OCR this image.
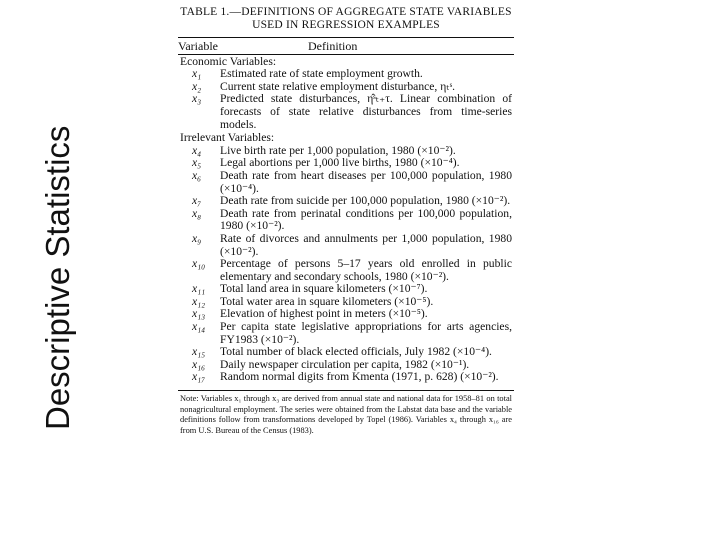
Descriptive Statistics
TABLE 1.—DEFINITIONS OF AGGREGATE STATE VARIABLES
USED IN REGRESSION EXAMPLES
Variable	Definition
Economic Variables:
x₁	Estimated rate of state employment growth.
x₂	Current state relative employment disturbance, ηₜˢ.
x₃	Predicted state disturbances, η̂ˢₜ₊τ. Linear combination of forecasts of state relative disturbances from time-series models.
Irrelevant Variables:
x₄	Live birth rate per 1,000 population, 1980 (×10⁻²).
x₅	Legal abortions per 1,000 live births, 1980 (×10⁻⁴).
x₆	Death rate from heart diseases per 100,000 population, 1980 (×10⁻⁴).
x₇	Death rate from suicide per 100,000 population, 1980 (×10⁻²).
x₈	Death rate from perinatal conditions per 100,000 population, 1980 (×10⁻²).
x₉	Rate of divorces and annulments per 1,000 population, 1980 (×10⁻²).
x₁₀	Percentage of persons 5–17 years old enrolled in public elementary and secondary schools, 1980 (×10⁻²).
x₁₁	Total land area in square kilometers (×10⁻⁷).
x₁₂	Total water area in square kilometers (×10⁻⁵).
x₁₃	Elevation of highest point in meters (×10⁻⁵).
x₁₄	Per capita state legislative appropriations for arts agencies, FY1983 (×10⁻²).
x₁₅	Total number of black elected officials, July 1982 (×10⁻⁴).
x₁₆	Daily newspaper circulation per capita, 1982 (×10⁻¹).
x₁₇	Random normal digits from Kmenta (1971, p. 628) (×10⁻²).
Note: Variables x₁ through x₃ are derived from annual state and national data for 1958–81 on total nonagricultural employment. The series were obtained from the Labstat data base and the variable definitions follow from transformations developed by Topel (1986). Variables x₄ through x₁₆ are from U.S. Bureau of the Census (1983).
